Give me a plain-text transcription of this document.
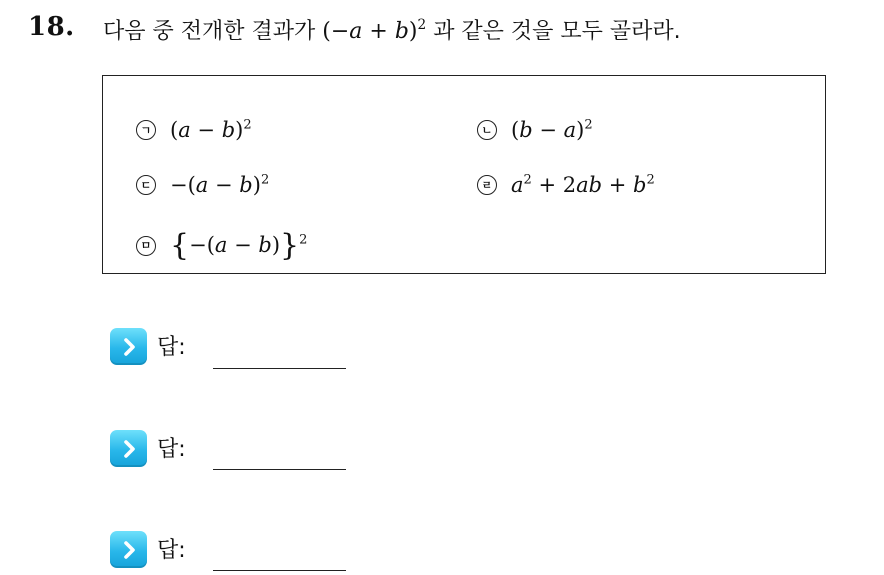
18. 다음 중 전개한 결과가 $(-a + b)^2$ 과 같은 것을 모두 골라라.
ㄱ $(a - b)^2$	ㄴ $(b - a)^2$
ㄷ $-(a - b)^2$	ㄹ $a^2 + 2ab + b^2$
ㅁ $\{-(a - b)\}^2$
답:
답:
답:
